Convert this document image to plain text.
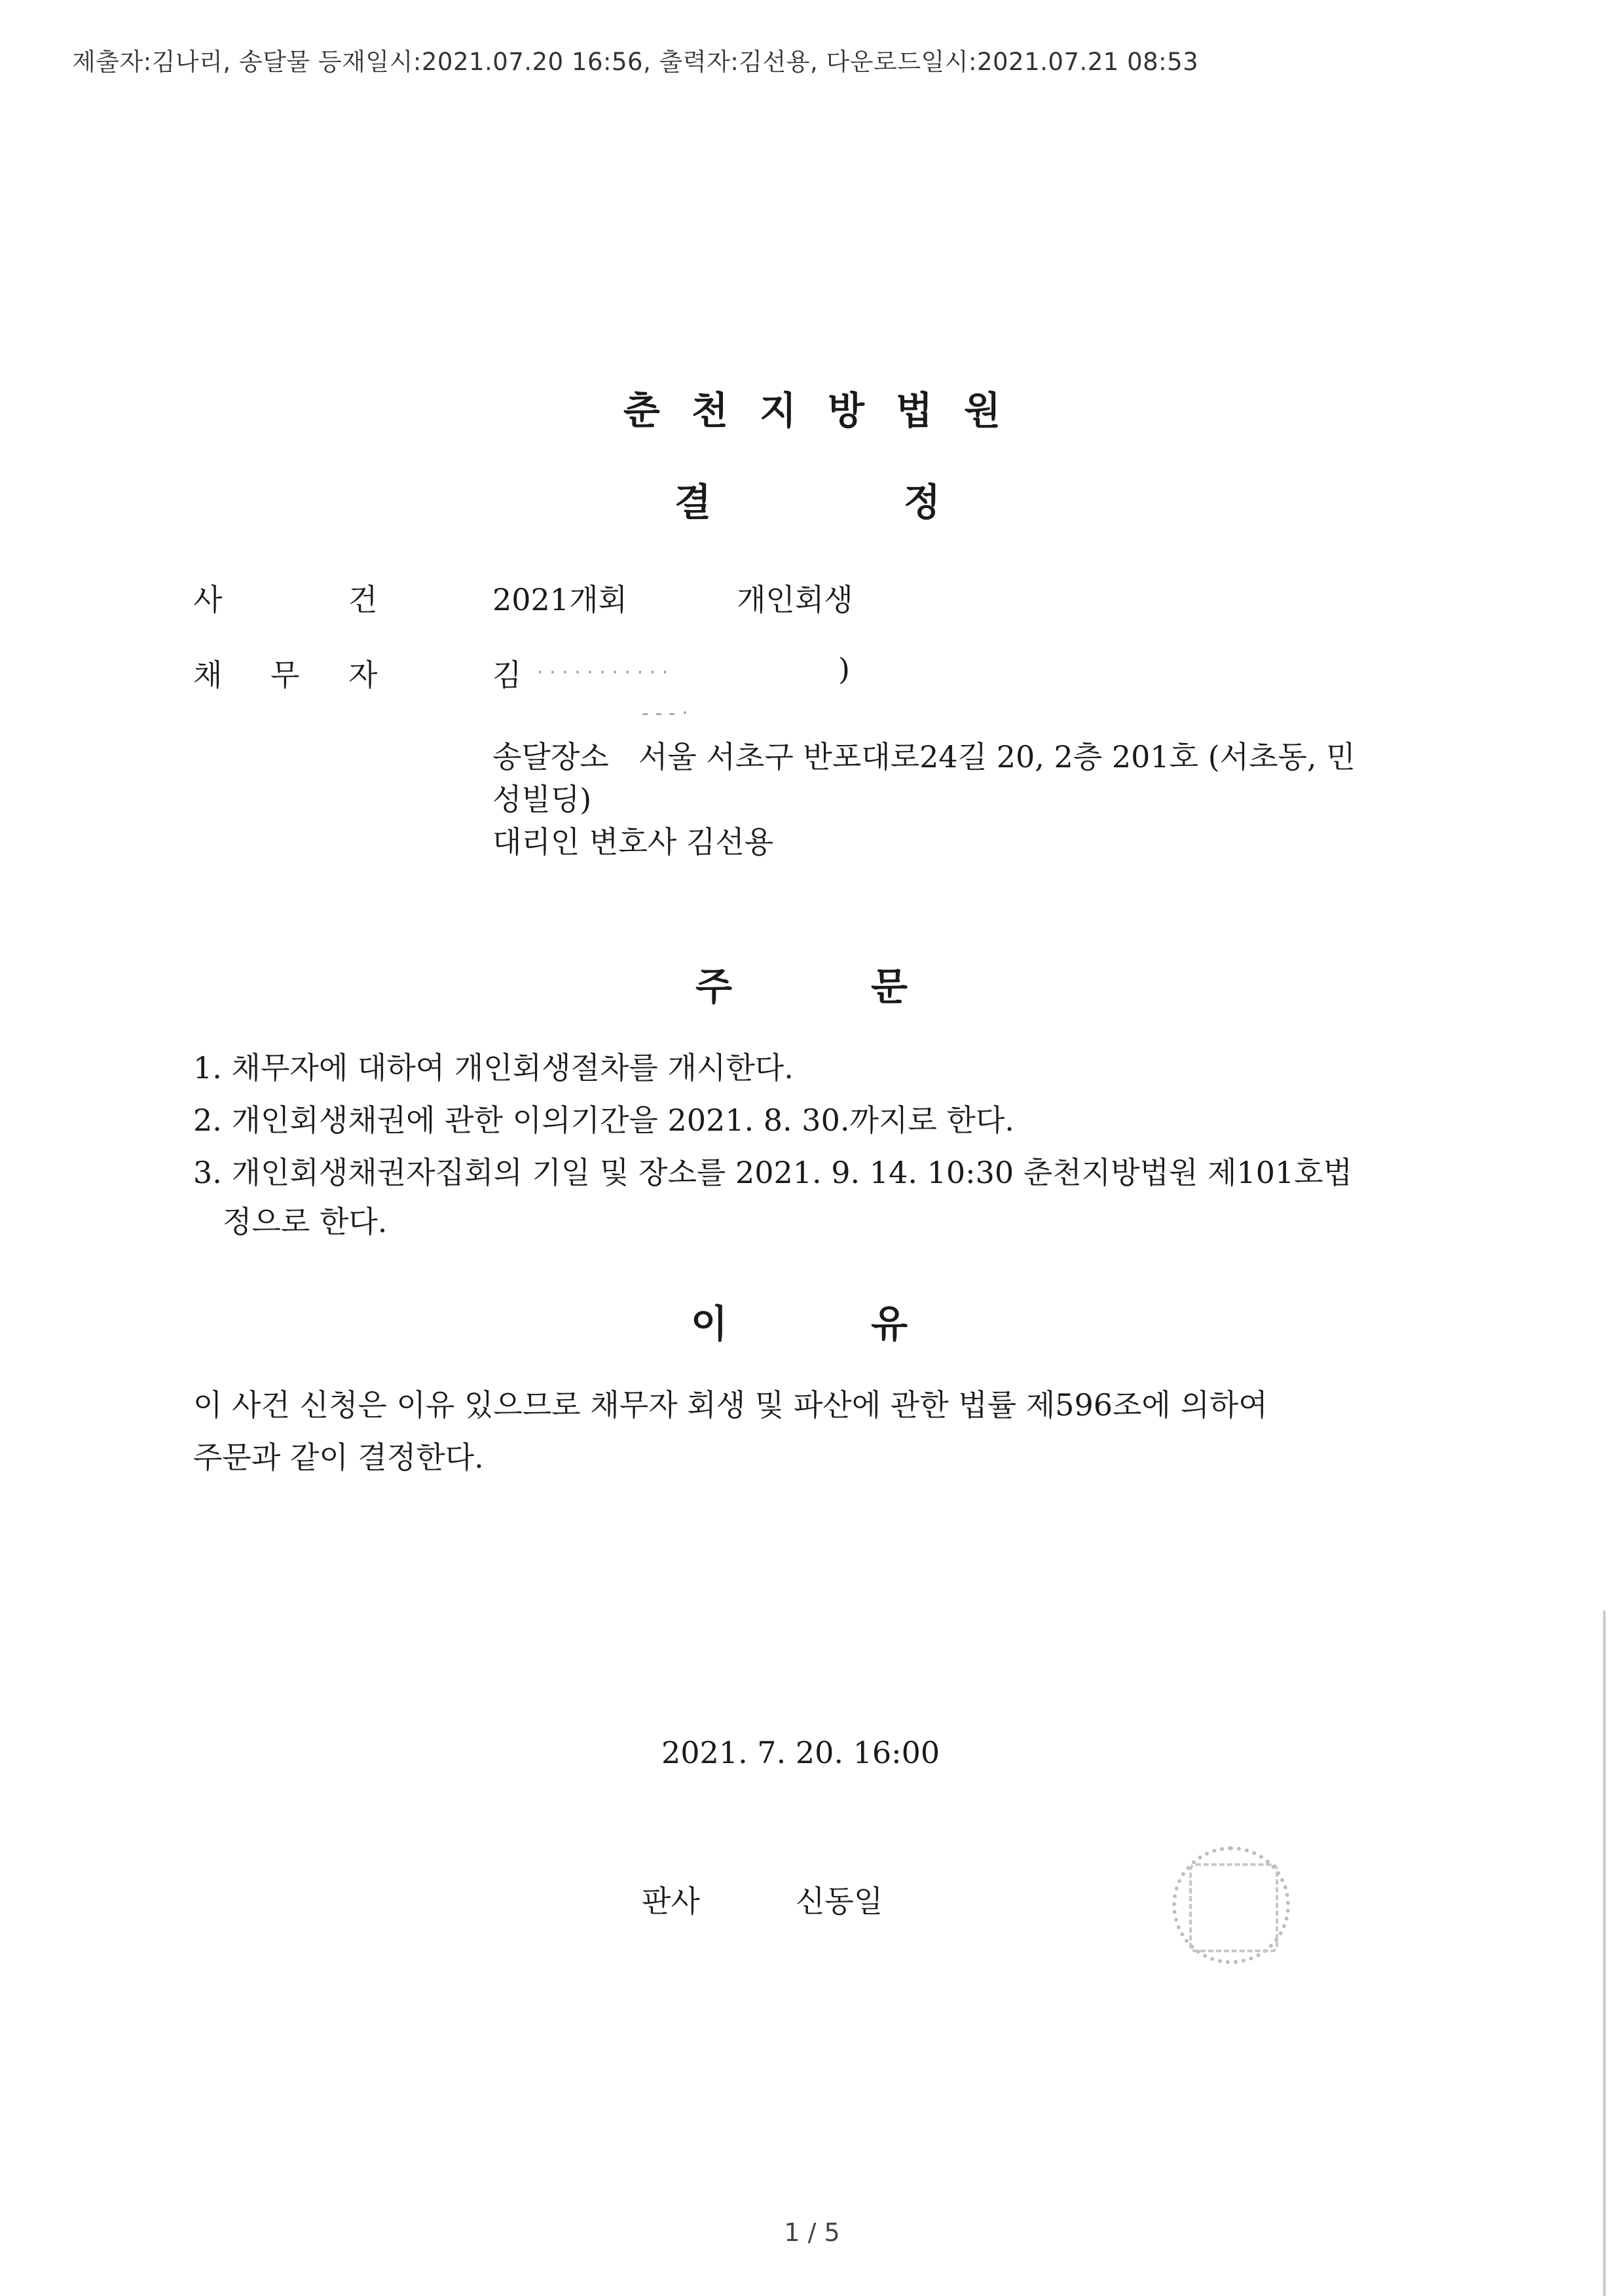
제출자:김나리, 송달물 등재일시:2021.07.20 16:56, 출력자:김선용, 다운로드일시:2021.07.21 08:53
춘천지방법원
결	정
사	건	2021개회	개인회생
채 무 자	김 · · · · · · · · · · ·	)
- - - ·
송달장소 서울 서초구 반포대로24길 20, 2층 201호 (서초동, 민
성빌딩)
대리인 변호사 김선용
주	문
1. 채무자에 대하여 개인회생절차를 개시한다.
2. 개인회생채권에 관한 이의기간을 2021. 8. 30.까지로 한다.
3. 개인회생채권자집회의 기일 및 장소를 2021. 9. 14. 10:30 춘천지방법원 제101호법
정으로 한다.
이	유
이 사건 신청은 이유 있으므로 채무자 회생 및 파산에 관한 법률 제596조에 의하여
주문과 같이 결정한다.
2021. 7. 20. 16:00
판사	신동일
1 / 5
